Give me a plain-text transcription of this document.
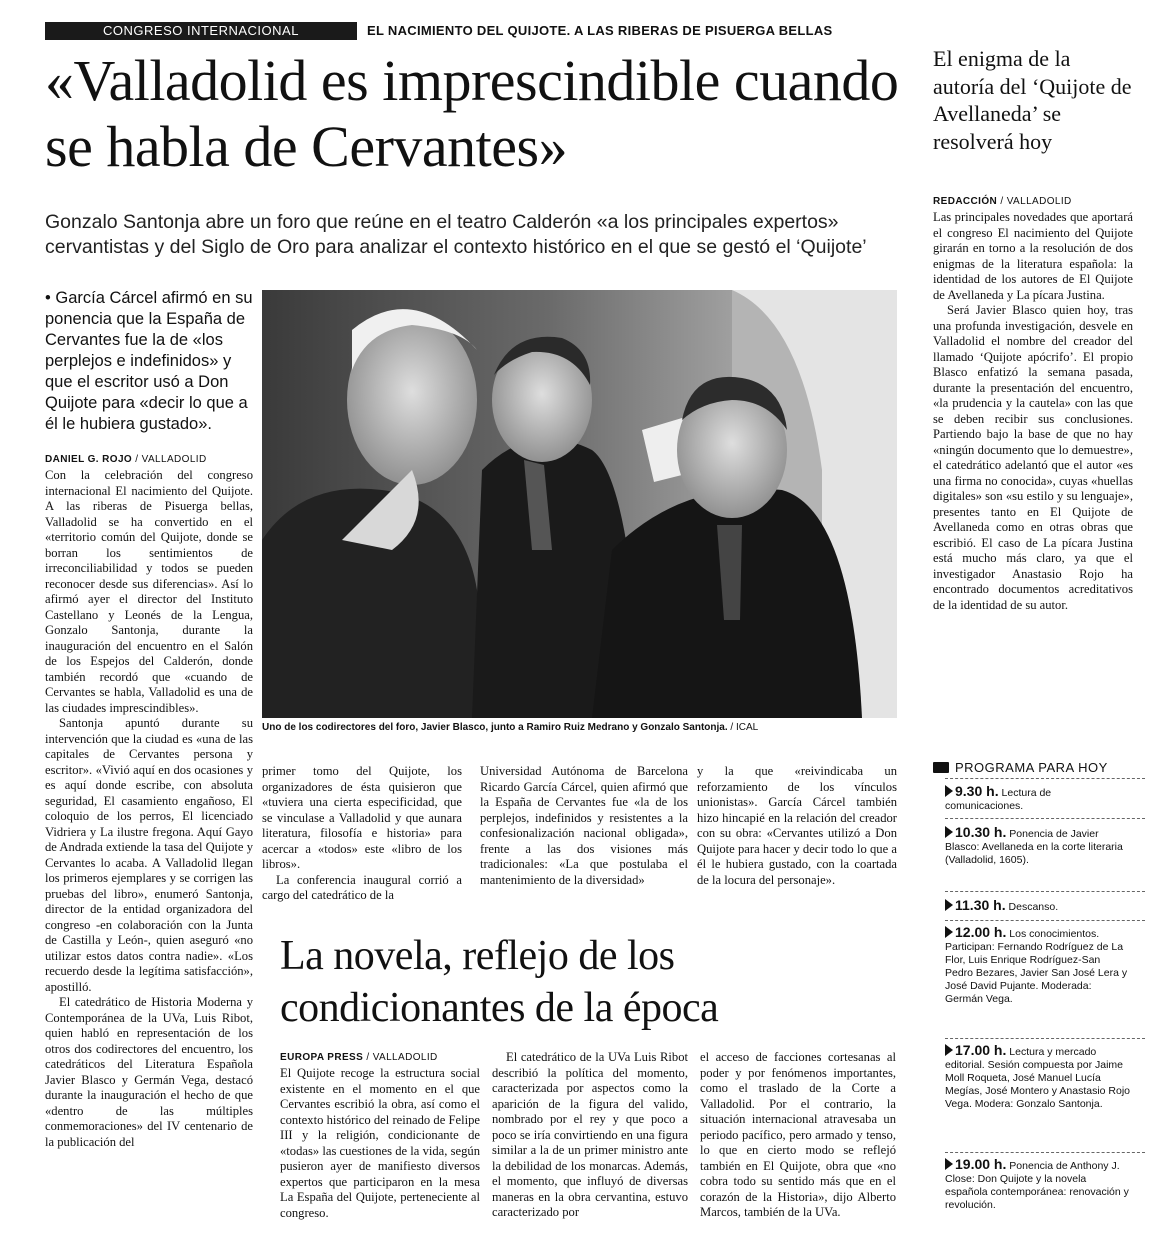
CONGRESO INTERNACIONAL	EL NACIMIENTO DEL QUIJOTE. A LAS RIBERAS DE PISUERGA BELLAS
«Valladolid es imprescindible cuando se habla de Cervantes»
Gonzalo Santonja abre un foro que reúne en el teatro Calderón «a los principales expertos» cervantistas y del Siglo de Oro para analizar el contexto histórico en el que se gestó el ‘Quijote’
• García Cárcel afirmó en su ponencia que la España de Cervantes fue la de «los perplejos e indefinidos» y que el escritor usó a Don Quijote para «decir lo que a él le hubiera gustado».
Uno de los codirectores del foro, Javier Blasco, junto a Ramiro Ruiz Medrano y Gonzalo Santonja. / ICAL
DANIEL G. ROJO / VALLADOLID

Con la celebración del congreso internacional El nacimiento del Quijote. A las riberas de Pisuerga bellas, Valladolid se ha convertido en el «territorio común del Quijote, donde se borran los sentimientos de irreconciliabilidad y todos se pueden reconocer desde sus diferencias». Así lo afirmó ayer el director del Instituto Castellano y Leonés de la Lengua, Gonzalo Santonja, durante la inauguración del encuentro en el Salón de los Espejos del Calderón, donde también recordó que «cuando de Cervantes se habla, Valladolid es una de las ciudades imprescindibles».

Santonja apuntó durante su intervención que la ciudad es «una de las capitales de Cervantes persona y escritor». «Vivió aquí en dos ocasiones y es aquí donde escribe, con absoluta seguridad, El casamiento engañoso, El coloquio de los perros, El licenciado Vidriera y La ilustre fregona. Aquí Gayo de Andrada extiende la tasa del Quijote y Cervantes lo acaba. A Valladolid llegan los primeros ejemplares y se corrigen las pruebas del libro», enumeró Santonja, director de la entidad organizadora del congreso -en colaboración con la Junta de Castilla y León-, quien aseguró «no utilizar estos datos contra nadie». «Los recuerdo desde la legítima satisfacción», apostilló.

El catedrático de Historia Moderna y Contemporánea de la UVa, Luis Ribot, quien habló en representación de los otros dos codirectores del encuentro, los catedráticos del Literatura Española Javier Blasco y Germán Vega, destacó durante la inauguración el hecho de que «dentro de las múltiples conmemoraciones» del IV centenario de la publicación del

primer tomo del Quijote, los organizadores de ésta quisieron que «tuviera una cierta especificidad, que se vinculase a Valladolid y que aunara literatura, filosofía e historia» para acercar a «todos» este «libro de los libros».

La conferencia inaugural corrió a cargo del catedrático de la

Universidad Autónoma de Barcelona Ricardo García Cárcel, quien afirmó que la España de Cervantes fue «la de los perplejos, indefinidos y resistentes a la confesionalización nacional obligada», frente a las dos visiones más tradicionales: «La que postulaba el mantenimiento de la diversidad»

y la que «reivindicaba un reforzamiento de los vínculos unionistas». García Cárcel también hizo hincapié en la relación del creador con su obra: «Cervantes utilizó a Don Quijote para hacer y decir todo lo que a él le hubiera gustado, con la coartada de la locura del personaje».

La novela, reflejo de los condicionantes de la época
EUROPA PRESS / VALLADOLID

El Quijote recoge la estructura social existente en el momento en el que Cervantes escribió la obra, así como el contexto histórico del reinado de Felipe III y la religión, condicionante de «todas» las cuestiones de la vida, según pusieron ayer de manifiesto diversos expertos que participaron en la mesa La España del Quijote, perteneciente al congreso.

El catedrático de la UVa Luis Ribot describió la política del momento, caracterizada por aspectos como la aparición de la figura del valido, nombrado por el rey y que poco a poco se iría convirtiendo en una figura similar a la de un primer ministro ante la debilidad de los monarcas. Además, el momento, que influyó de diversas maneras en la obra cervantina, estuvo caracterizado por

el acceso de facciones cortesanas al poder y por fenómenos importantes, como el traslado de la Corte a Valladolid. Por el contrario, la situación internacional atravesaba un periodo pacífico, pero armado y tenso, lo que en cierto modo se reflejó también en El Quijote, obra que «no cobra todo su sentido más que en el corazón de la Historia», dijo Alberto Marcos, también de la UVa.

El enigma de la autoría del ‘Quijote de Avellaneda’ se resolverá hoy
REDACCIÓN / VALLADOLID

Las principales novedades que aportará el congreso El nacimiento del Quijote girarán en torno a la resolución de dos enigmas de la literatura española: la identidad de los autores de El Quijote de Avellaneda y La pícara Justina.

Será Javier Blasco quien hoy, tras una profunda investigación, desvele en Valladolid el nombre del creador del llamado ‘Quijote apócrifo’. El propio Blasco enfatizó la semana pasada, durante la presentación del encuentro, «la prudencia y la cautela» con las que se deben recibir sus conclusiones. Partiendo bajo la base de que no hay «ningún documento que lo demuestre», el catedrático adelantó que el autor «es una firma no conocida», cuyas «huellas digitales» son «su estilo y su lenguaje», presentes tanto en El Quijote de Avellaneda como en otras obras que escribió. El caso de La pícara Justina está mucho más claro, ya que el investigador Anastasio Rojo ha encontrado documentos acreditativos de la identidad de su autor.

PROGRAMA PARA HOY
9.30 h. Lectura de comunicaciones.
10.30 h. Ponencia de Javier Blasco: Avellaneda en la corte literaria (Valladolid, 1605).
11.30 h. Descanso.
12.00 h. Los conocimientos. Participan: Fernando Rodríguez de La Flor, Luis Enrique Rodríguez-San Pedro Bezares, Javier San José Lera y José David Pujante. Moderada: Germán Vega.
17.00 h. Lectura y mercado editorial. Sesión compuesta por Jaime Moll Roqueta, José Manuel Lucía Megías, José Montero y Anastasio Rojo Vega. Modera: Gonzalo Santonja.
19.00 h. Ponencia de Anthony J. Close: Don Quijote y la novela española contemporánea: renovación y revolución.
